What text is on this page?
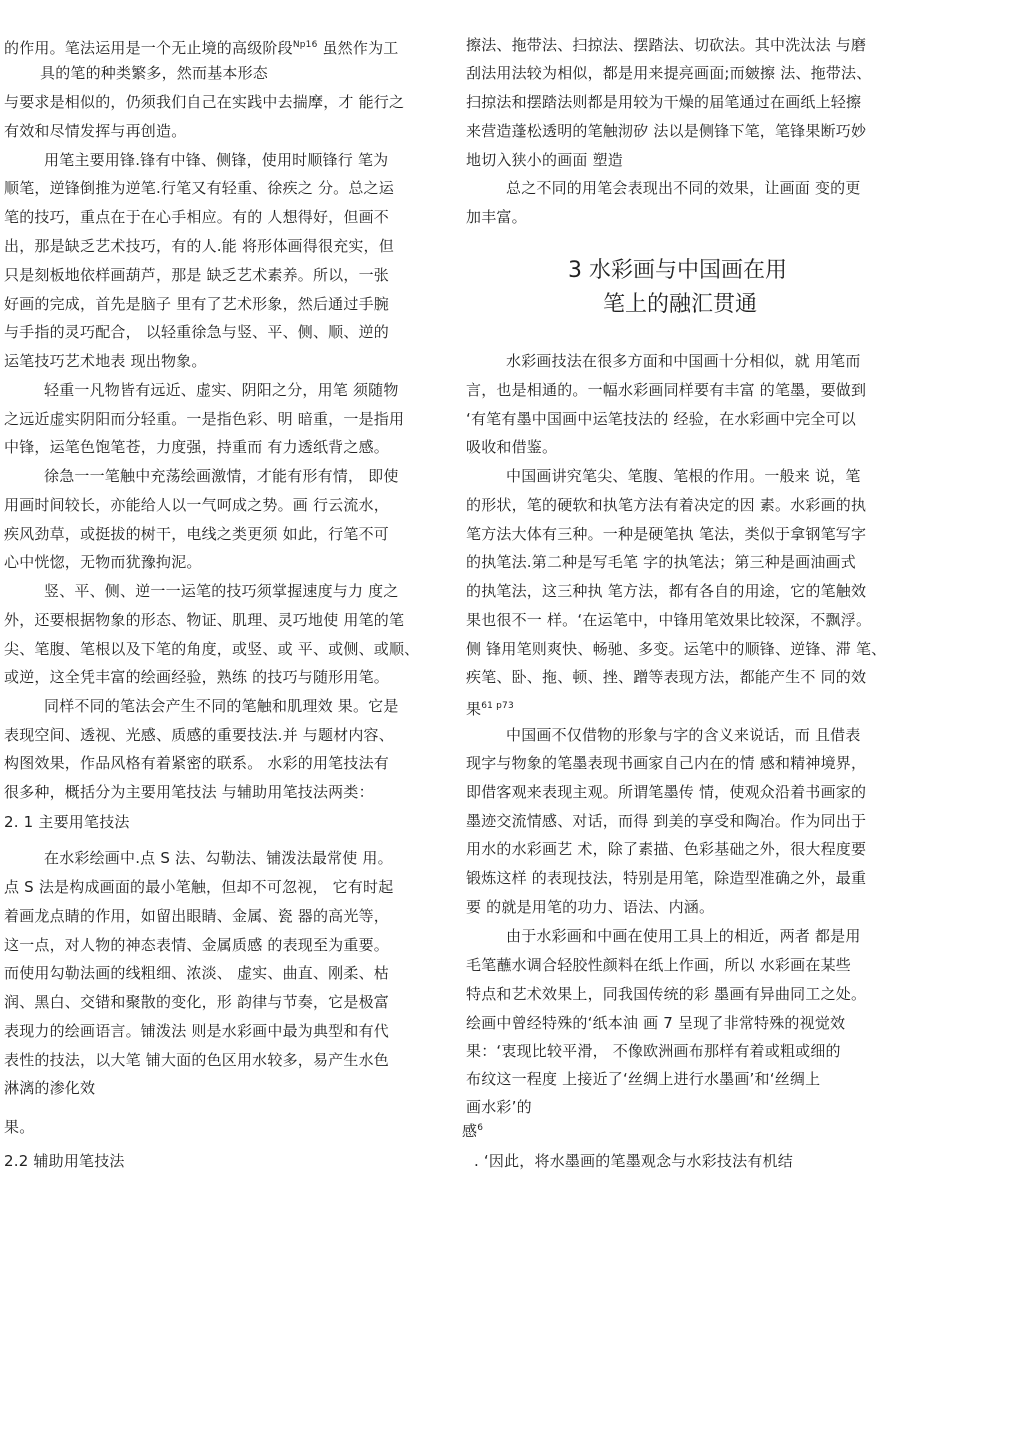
的作用。笔法运用是一个无止境的高级阶段$^{Np16}$ 虽然作为工
具的笔的种类繁多，然而基本形态
与要求是相似的，仍须我们自己在实践中去揣摩，才 能行之
有效和尽情发挥与再创造。
用笔主要用锋.锋有中锋、侧锋，使用时顺锋行 笔为
顺笔，逆锋倒推为逆笔.行笔又有轻重、徐疾之 分。总之运
笔的技巧，重点在于在心手相应。有的 人想得好，但画不
出，那是缺乏艺术技巧，有的人.能 将形体画得很充实，但
只是刻板地依样画葫芦，那是 缺乏艺术素养。所以，一张
好画的完成，首先是脑子 里有了艺术形象，然后通过手腕
与手指的灵巧配合， 以轻重徐急与竖、平、侧、顺、逆的
运笔技巧艺术地表 现出物象。
轻重一凡物皆有远近、虚实、阴阳之分，用笔 须随物
之远近虚实阴阳而分轻重。一是指色彩、明 暗重，一是指用
中锋，运笔色饱笔苍，力度强，持重而 有力透纸背之感。
徐急一一笔触中充荡绘画激情，才能有形有情， 即使
用画时间较长，亦能给人以一气呵成之势。画 行云流水，
疾风劲草，或挺拔的树干，电线之类更须 如此，行笔不可
心中恍惚，无物而犹豫拘泥。
竖、平、侧、逆一一运笔的技巧须掌握速度与力 度之
外，还要根据物象的形态、物证、肌理、灵巧地使 用笔的笔
尖、笔腹、笔根以及下笔的角度，或竖、或 平、或侧、或顺、
或逆，这全凭丰富的绘画经验，熟练 的技巧与随形用笔。
同样不同的笔法会产生不同的笔触和肌理效 果。它是
表现空间、透视、光感、质感的重要技法.并 与题材内容、
构图效果，作品风格有着紧密的联系。 水彩的用笔技法有
很多种，概括分为主要用笔技法 与辅助用笔技法两类：
2. 1 主要用笔技法
在水彩绘画中.点 S 法、勾勒法、铺泼法最常使 用。
点 S 法是构成画面的最小笔触，但却不可忽视， 它有时起
着画龙点睛的作用，如留出眼睛、金属、瓷 器的高光等，
这一点，对人物的神态表情、金属质感 的表现至为重要。
而使用勾勒法画的线粗细、浓淡、 虚实、曲直、刚柔、枯
润、黑白、交错和聚散的变化，形 韵律与节奏，它是极富
表现力的绘画语言。铺泼法 则是水彩画中最为典型和有代
表性的技法，以大笔 铺大面的色区用水较多，易产生水色
淋漓的渗化效
果。
2.2 辅助用笔技法
擦法、拖带法、扫掠法、摆踏法、切砍法。其中洗汰法 与磨
刮法用法较为相似，都是用来提亮画面;而皴擦 法、拖带法、
扫掠法和摆踏法则都是用较为干燥的届笔通过在画纸上轻擦
来营造蓬松透明的笔触沏矽 法以是侧锋下笔，笔锋果断巧妙
地切入狭小的画面 塑造
总之不同的用笔会表现出不同的效果，让画面 变的更
加丰富。
3 水彩画与中国画在用
笔上的融汇贯通
水彩画技法在很多方面和中国画十分相似，就 用笔而
言，也是相通的。一幅水彩画同样要有丰富 的笔墨，要做到
‘有笔有墨中国画中运笔技法的 经验，在水彩画中完全可以
吸收和借鉴。
中国画讲究笔尖、笔腹、笔根的作用。一般来 说，笔
的形状，笔的硬软和执笔方法有着决定的因 素。水彩画的执
笔方法大体有三种。一种是硬笔执 笔法，类似于拿钢笔写字
的执笔法.第二种是写毛笔 字的执笔法；第三种是画油画式
的执笔法，这三种执 笔方法，都有各自的用途，它的笔触效
果也很不一 样。‘在运笔中，中锋用笔效果比较深，不飘浮。
侧 锋用笔则爽快、畅驰、多变。运笔中的顺锋、逆锋、滞 笔、
疾笔、卧、拖、顿、挫、蹭等表现方法，都能产生不 同的效
果$^{61 p73}$
中国画不仅借物的形象与字的含义来说话，而 且借表
现字与物象的笔墨表现书画家自己内在的情 感和精神境界，
即借客观来表现主观。所谓笔墨传 情，使观众沿着书画家的
墨迹交流情感、对话，而得 到美的享受和陶冶。作为同出于
用水的水彩画艺 术，除了素描、色彩基础之外，很大程度要
锻炼这样 的表现技法，特别是用笔，除造型准确之外，最重
要 的就是用笔的功力、语法、内涵。
由于水彩画和中画在使用工具上的相近，两者 都是用
毛笔蘸水调合轻胶性颜料在纸上作画，所以 水彩画在某些
特点和艺术效果上，同我国传统的彩 墨画有异曲同工之处。
绘画中曾经特殊的‘纸本油 画 7 呈现了非常特殊的视觉效
果：‘衷现比较平滑， 不像欧洲画布那样有着或粗或细的
布纹这一程度 上接近了‘丝绸上进行水墨画’和‘丝绸上
画水彩’的
感$^6$
. ‘因此，将水墨画的笔墨观念与水彩技法有机结
